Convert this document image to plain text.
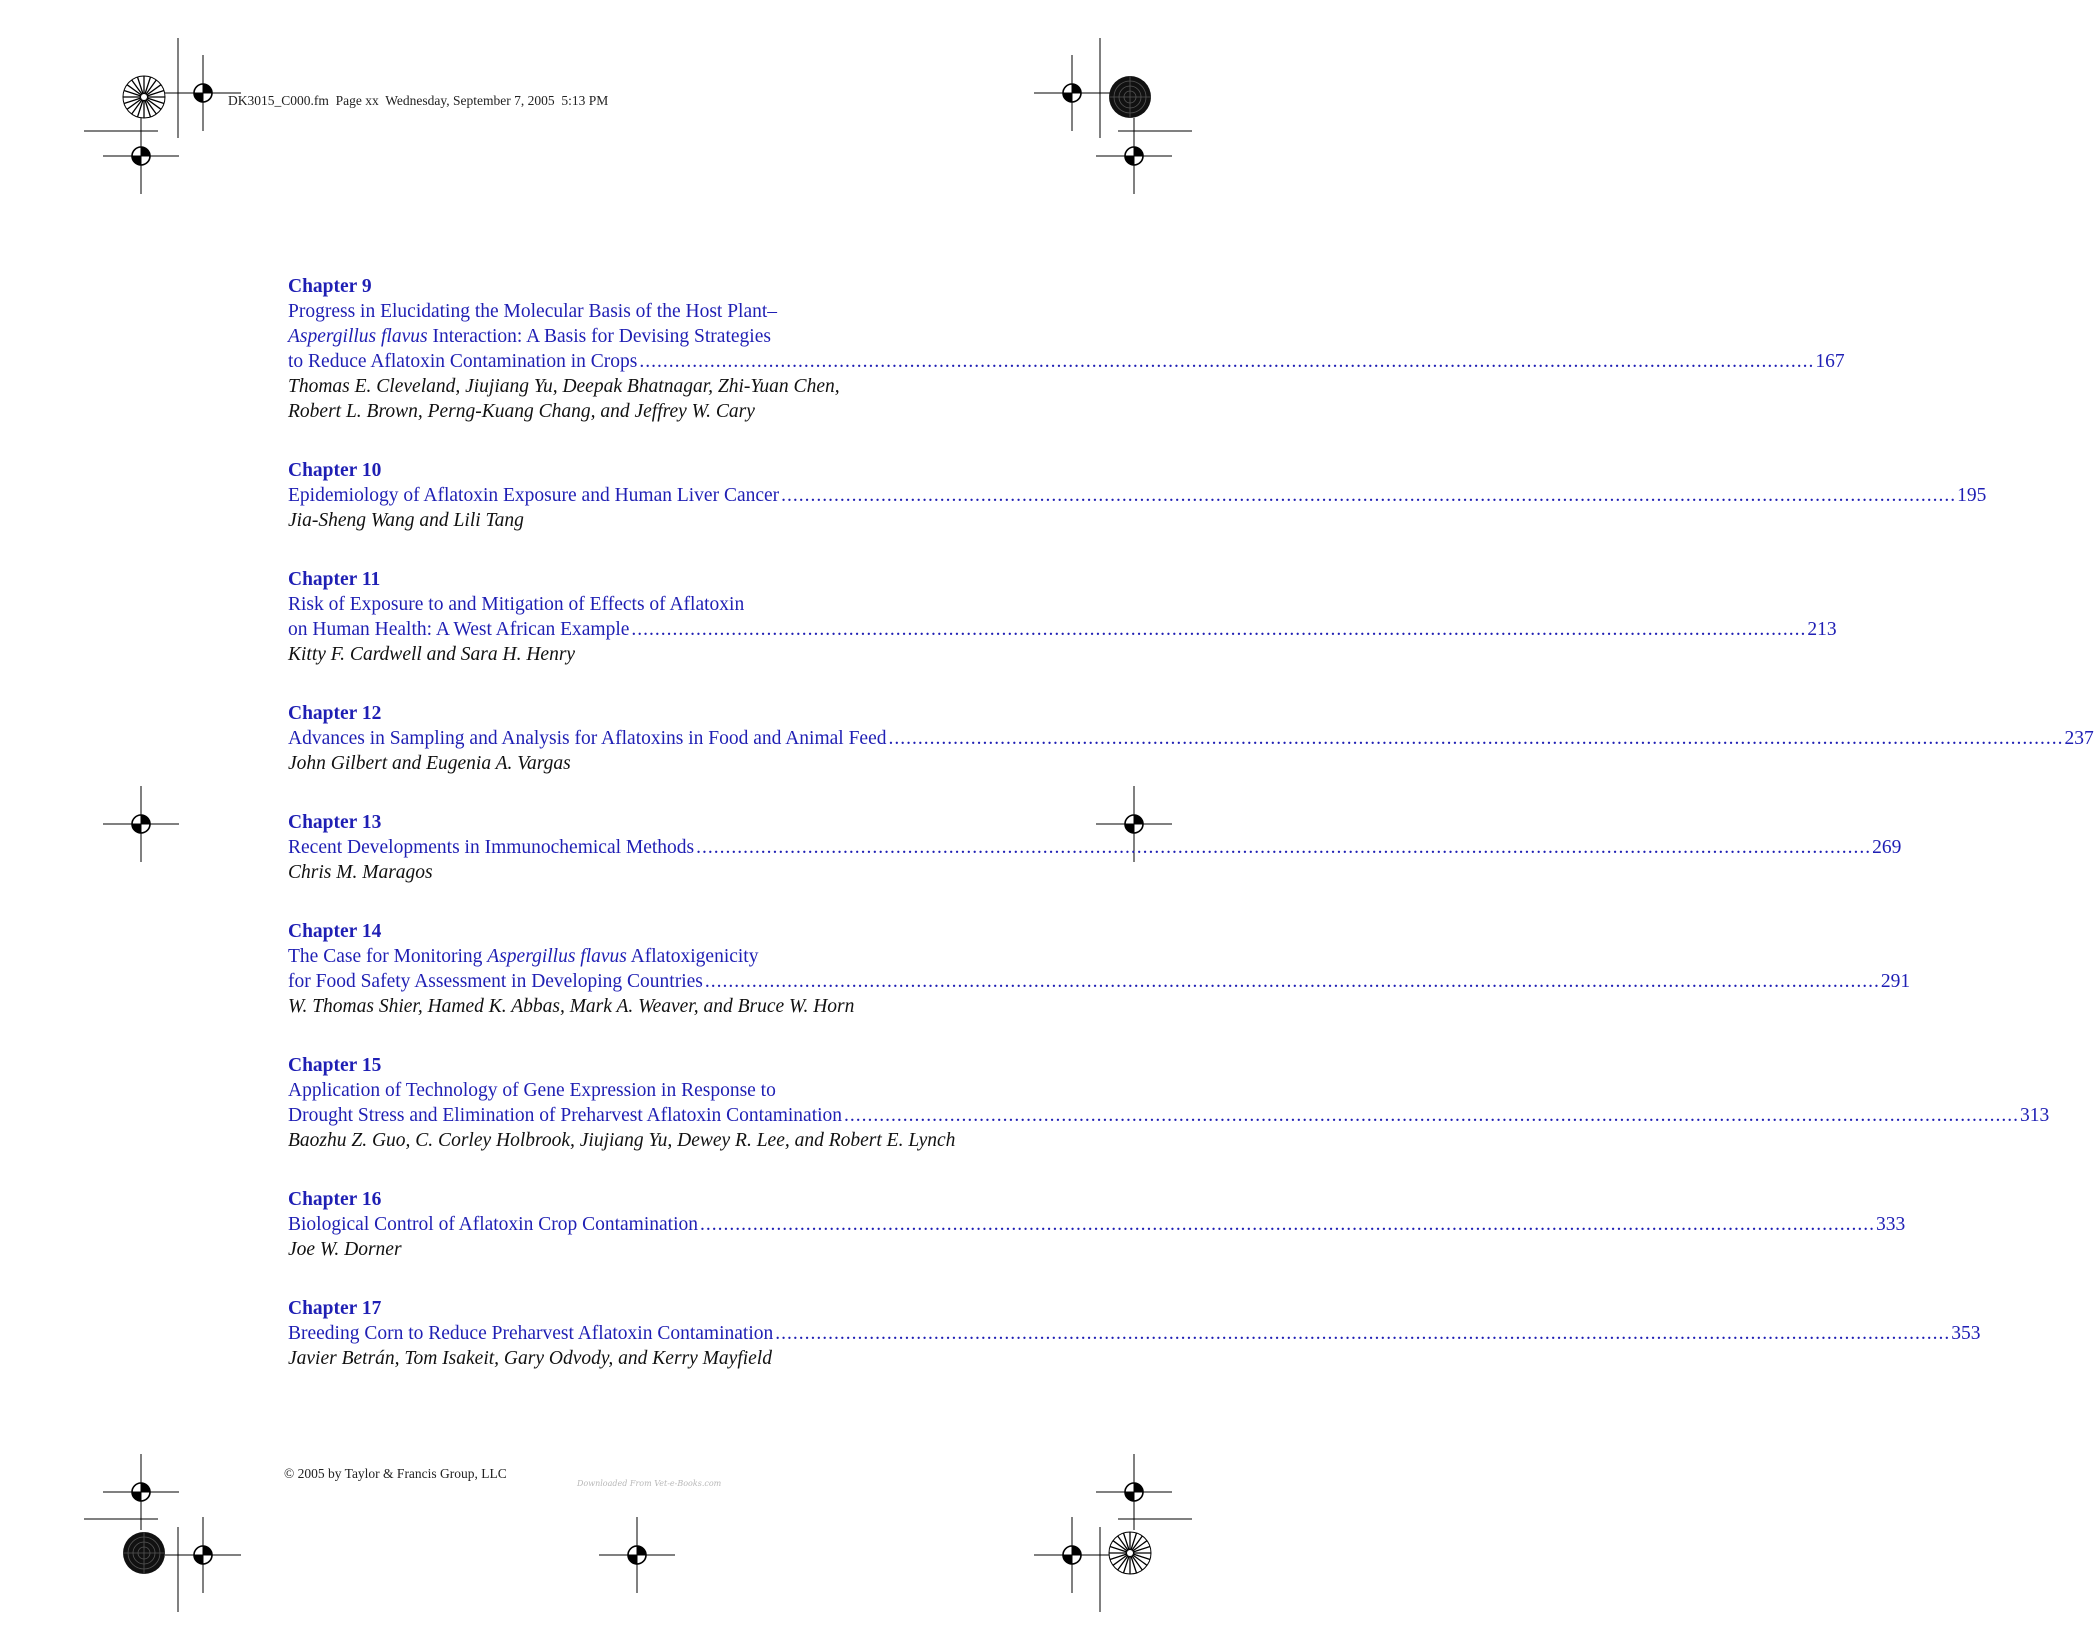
DK3015_C000.fm  Page xx  Wednesday, September 7, 2005  5:13 PM
Chapter 9
Progress in Elucidating the Molecular Basis of the Host Plant–
Aspergillus flavus Interaction: A Basis for Devising Strategies
to Reduce Aflatoxin Contamination in Crops ........................................................................................................................................................................................................ 167
Thomas E. Cleveland, Jiujiang Yu, Deepak Bhatnagar, Zhi-Yuan Chen,
Robert L. Brown, Perng-Kuang Chang, and Jeffrey W. Cary
Chapter 10
Epidemiology of Aflatoxin Exposure and Human Liver Cancer ........................................................................................................................................................................................................ 195
Jia-Sheng Wang and Lili Tang
Chapter 11
Risk of Exposure to and Mitigation of Effects of Aflatoxin
on Human Health: A West African Example ........................................................................................................................................................................................................ 213
Kitty F. Cardwell and Sara H. Henry
Chapter 12
Advances in Sampling and Analysis for Aflatoxins in Food and Animal Feed ........................................................................................................................................................................................................ 237
John Gilbert and Eugenia A. Vargas
Chapter 13
Recent Developments in Immunochemical Methods ........................................................................................................................................................................................................ 269
Chris M. Maragos
Chapter 14
The Case for Monitoring Aspergillus flavus Aflatoxigenicity
for Food Safety Assessment in Developing Countries ........................................................................................................................................................................................................ 291
W. Thomas Shier, Hamed K. Abbas, Mark A. Weaver, and Bruce W. Horn
Chapter 15
Application of Technology of Gene Expression in Response to
Drought Stress and Elimination of Preharvest Aflatoxin Contamination ........................................................................................................................................................................................................ 313
Baozhu Z. Guo, C. Corley Holbrook, Jiujiang Yu, Dewey R. Lee, and Robert E. Lynch
Chapter 16
Biological Control of Aflatoxin Crop Contamination ........................................................................................................................................................................................................ 333
Joe W. Dorner
Chapter 17
Breeding Corn to Reduce Preharvest Aflatoxin Contamination ........................................................................................................................................................................................................ 353
Javier Betrán, Tom Isakeit, Gary Odvody, and Kerry Mayfield
© 2005 by Taylor & Francis Group, LLC
Downloaded From Vet-e-Books.com
